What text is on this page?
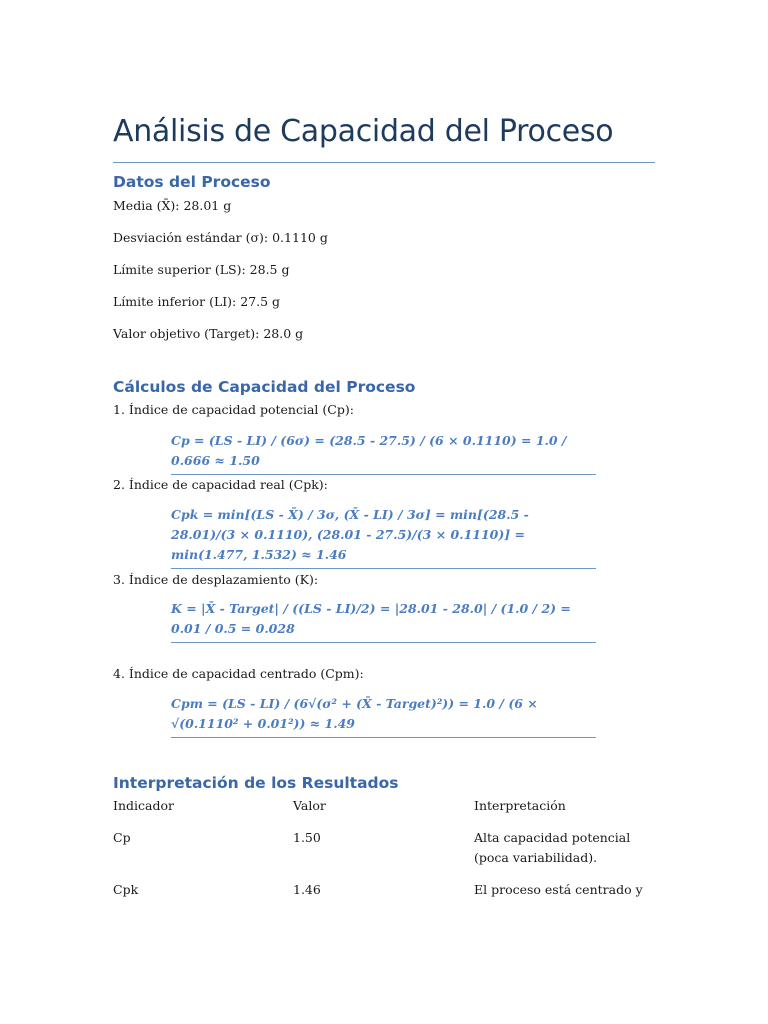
Análisis de Capacidad del Proceso
Datos del Proceso

Media (X̄): 28.01 g

Desviación estándar (σ): 0.1110 g

Límite superior (LS): 28.5 g

Límite inferior (LI): 27.5 g

Valor objetivo (Target): 28.0 g

Cálculos de Capacidad del Proceso

1. Índice de capacidad potencial (Cp):

Cp = (LS - LI) / (6σ) = (28.5 - 27.5) / (6 × 0.1110) = 1.0 / 0.666 ≈ 1.50

2. Índice de capacidad real (Cpk):

Cpk = min[(LS - X̄) / 3σ, (X̄ - LI) / 3σ] = min[(28.5 - 28.01)/(3 × 0.1110), (28.01 - 27.5)/(3 × 0.1110)] = min(1.477, 1.532) ≈ 1.46

3. Índice de desplazamiento (K):

K = |X̄ - Target| / ((LS - LI)/2) = |28.01 - 28.0| / (1.0 / 2) = 0.01 / 0.5 = 0.028

4. Índice de capacidad centrado (Cpm):

Cpm = (LS - LI) / (6√(σ² + (X̄ - Target)²)) = 1.0 / (6 × √(0.1110² + 0.01²)) ≈ 1.49
Interpretación de los Resultados
Indicador	Valor	Interpretación
Cp	1.50	Alta capacidad potencial (poca variabilidad).
Cpk	1.46	El proceso está centrado y
